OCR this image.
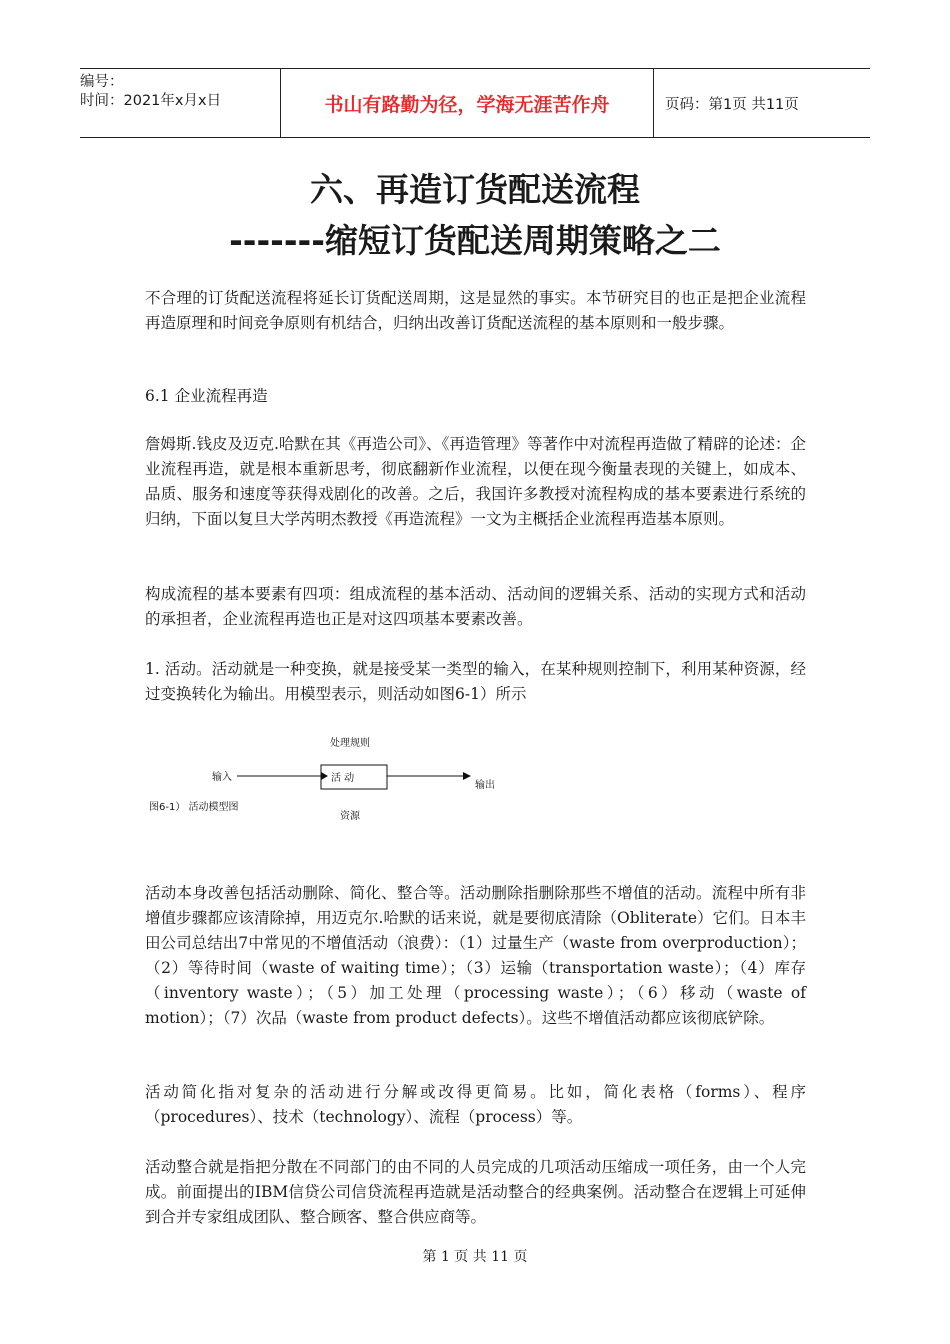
编号：
时间：2021年x月x日	书山有路勤为径，学海无涯苦作舟	页码：第1页 共11页
六、再造订货配送流程
-------缩短订货配送周期策略之二

不合理的订货配送流程将延长订货配送周期，这是显然的事实。本节研究目的也正是把企业流程再造原理和时间竞争原则有机结合，归纳出改善订货配送流程的基本原则和一般步骤。

6.1 企业流程再造

詹姆斯.钱皮及迈克.哈默在其《再造公司》、《再造管理》等著作中对流程再造做了精辟的论述：企业流程再造，就是根本重新思考，彻底翻新作业流程，以便在现今衡量表现的关键上，如成本、品质、服务和速度等获得戏剧化的改善。之后，我国许多教授对流程构成的基本要素进行系统的归纳，下面以复旦大学芮明杰教授《再造流程》一文为主概括企业流程再造基本原则。

构成流程的基本要素有四项：组成流程的基本活动、活动间的逻辑关系、活动的实现方式和活动的承担者，企业流程再造也正是对这四项基本要素改善。

1. 活动。活动就是一种变换，就是接受某一类型的输入，在某种规则控制下，利用某种资源，经过变换转化为输出。用模型表示，则活动如图6-1）所示

处理规则
输入	活 动
输出
图6-1） 活动模型图
资源

活动本身改善包括活动删除、简化、整合等。活动删除指删除那些不增值的活动。流程中所有非增值步骤都应该清除掉，用迈克尔.哈默的话来说，就是要彻底清除（Obliterate）它们。日本丰田公司总结出7中常见的不增值活动（浪费）：（1）过量生产（waste from overproduction）；（2）等待时间（waste of waiting time）；（3）运输（transportation waste）；（4）库存（inventory waste）；（5）加工处理（processing waste）；（6）移动（waste of motion）；（7）次品（waste from product defects）。这些不增值活动都应该彻底铲除。

活动简化指对复杂的活动进行分解或改得更简易。比如，简化表格（forms）、程序（procedures）、技术（technology）、流程（process）等。

活动整合就是指把分散在不同部门的由不同的人员完成的几项活动压缩成一项任务，由一个人完成。前面提出的IBM信贷公司信贷流程再造就是活动整合的经典案例。活动整合在逻辑上可延伸到合并专家组成团队、整合顾客、整合供应商等。

第 1 页 共 11 页
